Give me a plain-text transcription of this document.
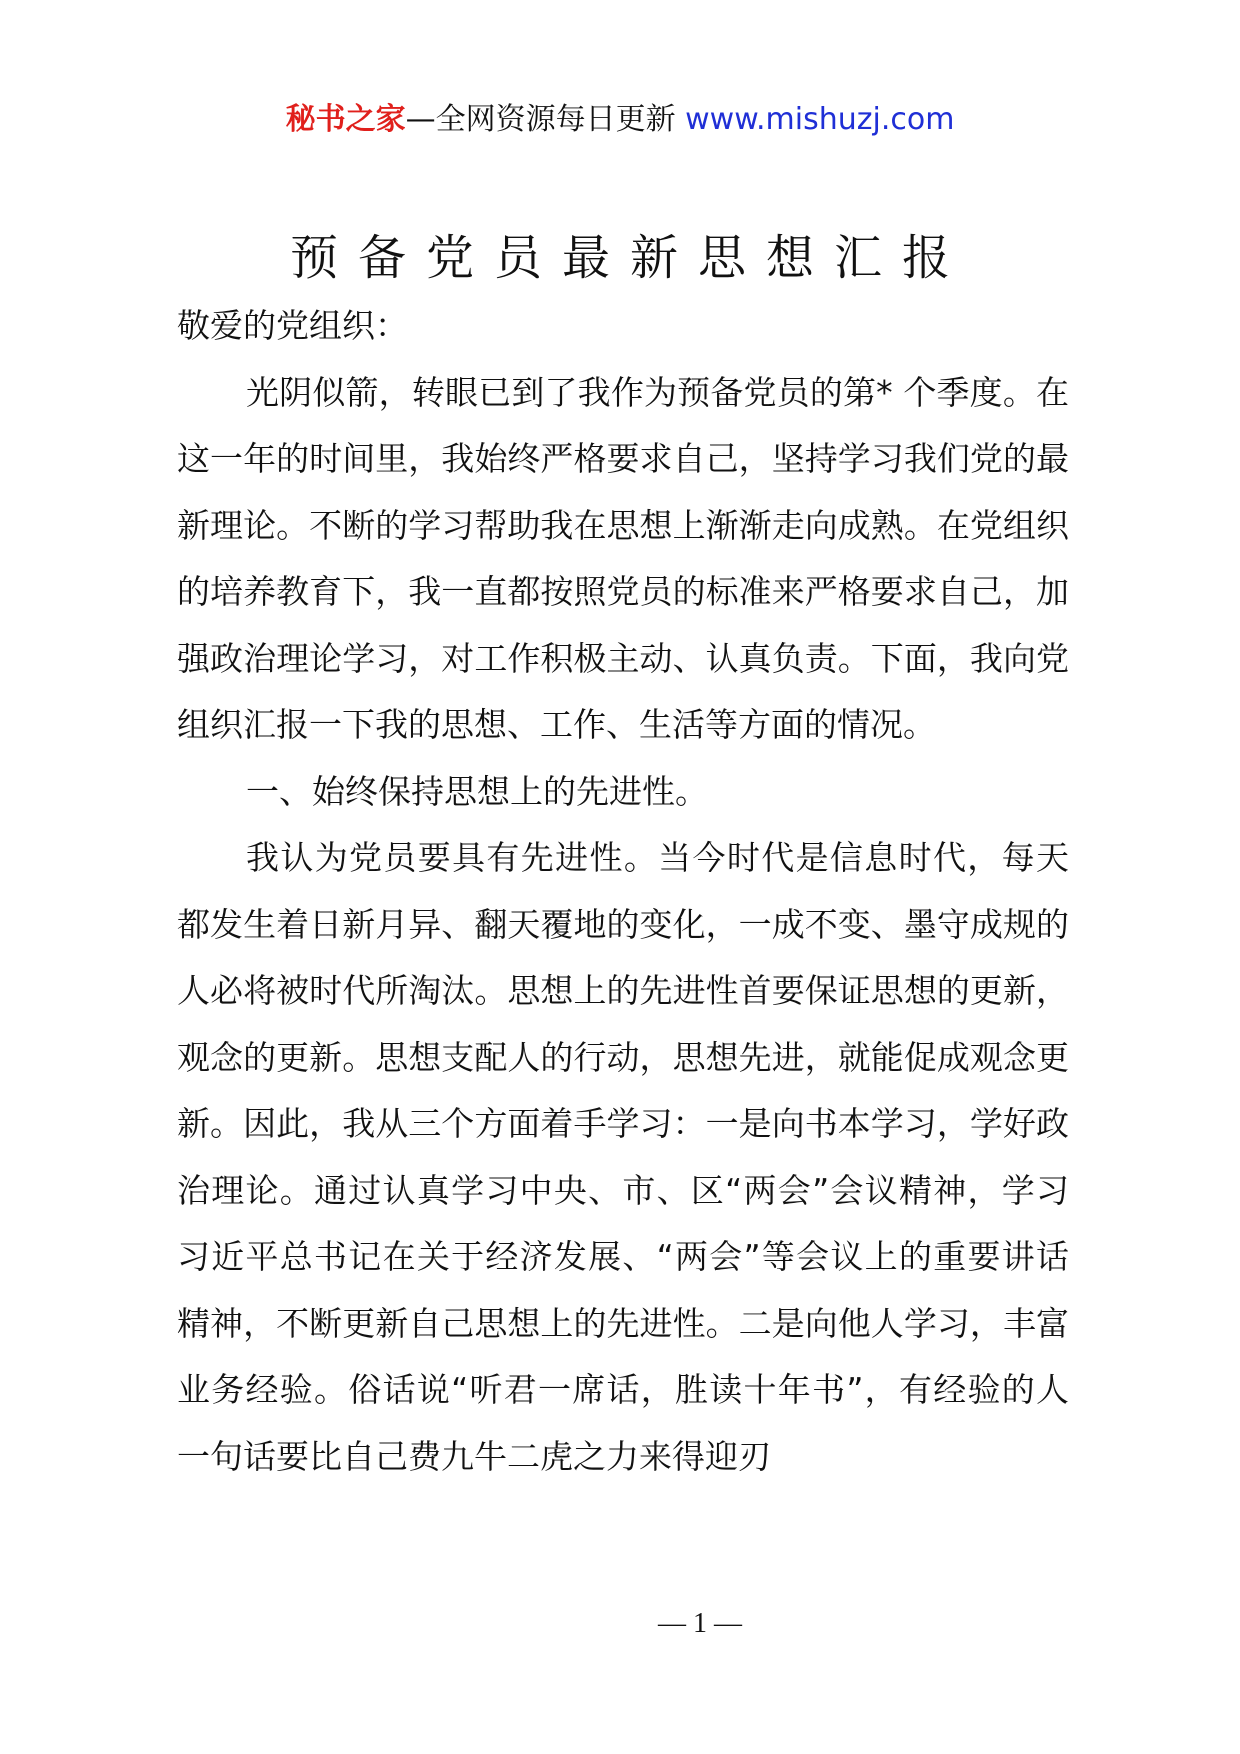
秘书之家—全网资源每日更新 www.mishuzj.com
预备党员最新思想汇报

敬爱的党组织：

光阴似箭，转眼已到了我作为预备党员的第* 个季度。在这一年的时间里，我始终严格要求自己，坚持学习我们党的最新理论。不断的学习帮助我在思想上渐渐走向成熟。在党组织的培养教育下，我一直都按照党员的标准来严格要求自己，加强政治理论学习，对工作积极主动、认真负责。下面，我向党组织汇报一下我的思想、工作、生活等方面的情况。

一、始终保持思想上的先进性。

我认为党员要具有先进性。当今时代是信息时代，每天都发生着日新月异、翻天覆地的变化，一成不变、墨守成规的人必将被时代所淘汰。思想上的先进性首要保证思想的更新，观念的更新。思想支配人的行动，思想先进，就能促成观念更新。因此，我从三个方面着手学习：一是向书本学习，学好政治理论。通过认真学习中央、市、区“两会”会议精神，学习习近平总书记在关于经济发展、“两会”等会议上的重要讲话精神，不断更新自己思想上的先进性。二是向他人学习，丰富业务经验。俗话说“听君一席话，胜读十年书”，有经验的人一句话要比自己费九牛二虎之力来得迎刃

— 1 —
